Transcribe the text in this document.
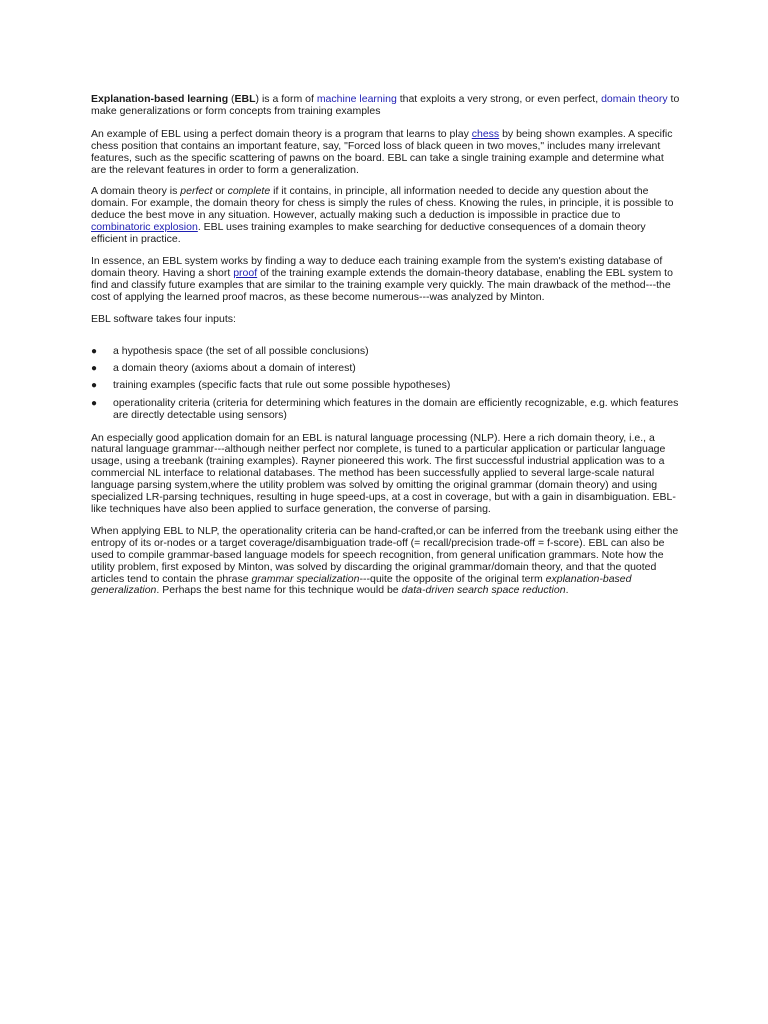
Explanation-based learning (EBL) is a form of machine learning that exploits a very strong, or even perfect, domain theory to make generalizations or form concepts from training examples

An example of EBL using a perfect domain theory is a program that learns to play chess by being shown examples. A specific chess position that contains an important feature, say, "Forced loss of black queen in two moves," includes many irrelevant features, such as the specific scattering of pawns on the board. EBL can take a single training example and determine what are the relevant features in order to form a generalization.

A domain theory is perfect or complete if it contains, in principle, all information needed to decide any question about the domain. For example, the domain theory for chess is simply the rules of chess. Knowing the rules, in principle, it is possible to deduce the best move in any situation. However, actually making such a deduction is impossible in practice due to combinatoric explosion. EBL uses training examples to make searching for deductive consequences of a domain theory efficient in practice.

In essence, an EBL system works by finding a way to deduce each training example from the system's existing database of domain theory. Having a short proof of the training example extends the domain-theory database, enabling the EBL system to find and classify future examples that are similar to the training example very quickly. The main drawback of the method---the cost of applying the learned proof macros, as these become numerous---was analyzed by Minton.

EBL software takes four inputs:

● a hypothesis space (the set of all possible conclusions)
● a domain theory (axioms about a domain of interest)
● training examples (specific facts that rule out some possible hypotheses)
● operationality criteria (criteria for determining which features in the domain are efficiently recognizable, e.g. which features are directly detectable using sensors)

An especially good application domain for an EBL is natural language processing (NLP). Here a rich domain theory, i.e., a natural language grammar---although neither perfect nor complete, is tuned to a particular application or particular language usage, using a treebank (training examples). Rayner pioneered this work. The first successful industrial application was to a commercial NL interface to relational databases. The method has been successfully applied to several large-scale natural language parsing system,where the utility problem was solved by omitting the original grammar (domain theory) and using specialized LR-parsing techniques, resulting in huge speed-ups, at a cost in coverage, but with a gain in disambiguation. EBL-like techniques have also been applied to surface generation, the converse of parsing.

When applying EBL to NLP, the operationality criteria can be hand-crafted,or can be inferred from the treebank using either the entropy of its or-nodes or a target coverage/disambiguation trade-off (= recall/precision trade-off = f-score). EBL can also be used to compile grammar-based language models for speech recognition, from general unification grammars. Note how the utility problem, first exposed by Minton, was solved by discarding the original grammar/domain theory, and that the quoted articles tend to contain the phrase grammar specialization---quite the opposite of the original term explanation-based generalization. Perhaps the best name for this technique would be data-driven search space reduction.
